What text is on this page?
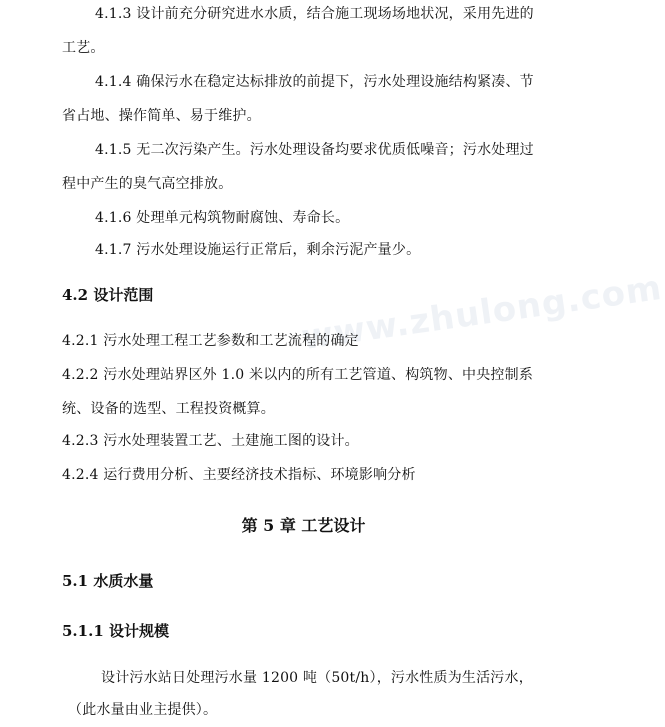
www.zhulong.com
4.1.3 设计前充分研究进水水质，结合施工现场场地状况，采用先进的
工艺。
4.1.4 确保污水在稳定达标排放的前提下，污水处理设施结构紧凑、节
省占地、操作简单、易于维护。
4.1.5 无二次污染产生。污水处理设备均要求优质低噪音；污水处理过
程中产生的臭气高空排放。
4.1.6 处理单元构筑物耐腐蚀、寿命长。
4.1.7 污水处理设施运行正常后，剩余污泥产量少。
4.2 设计范围
4.2.1 污水处理工程工艺参数和工艺流程的确定
4.2.2 污水处理站界区外 1.0 米以内的所有工艺管道、构筑物、中央控制系
统、设备的选型、工程投资概算。
4.2.3 污水处理装置工艺、土建施工图的设计。
4.2.4 运行费用分析、主要经济技术指标、环境影响分析
第 5 章 工艺设计
5.1 水质水量
5.1.1 设计规模
设计污水站日处理污水量 1200 吨（50t/h），污水性质为生活污水，
（此水量由业主提供）。
